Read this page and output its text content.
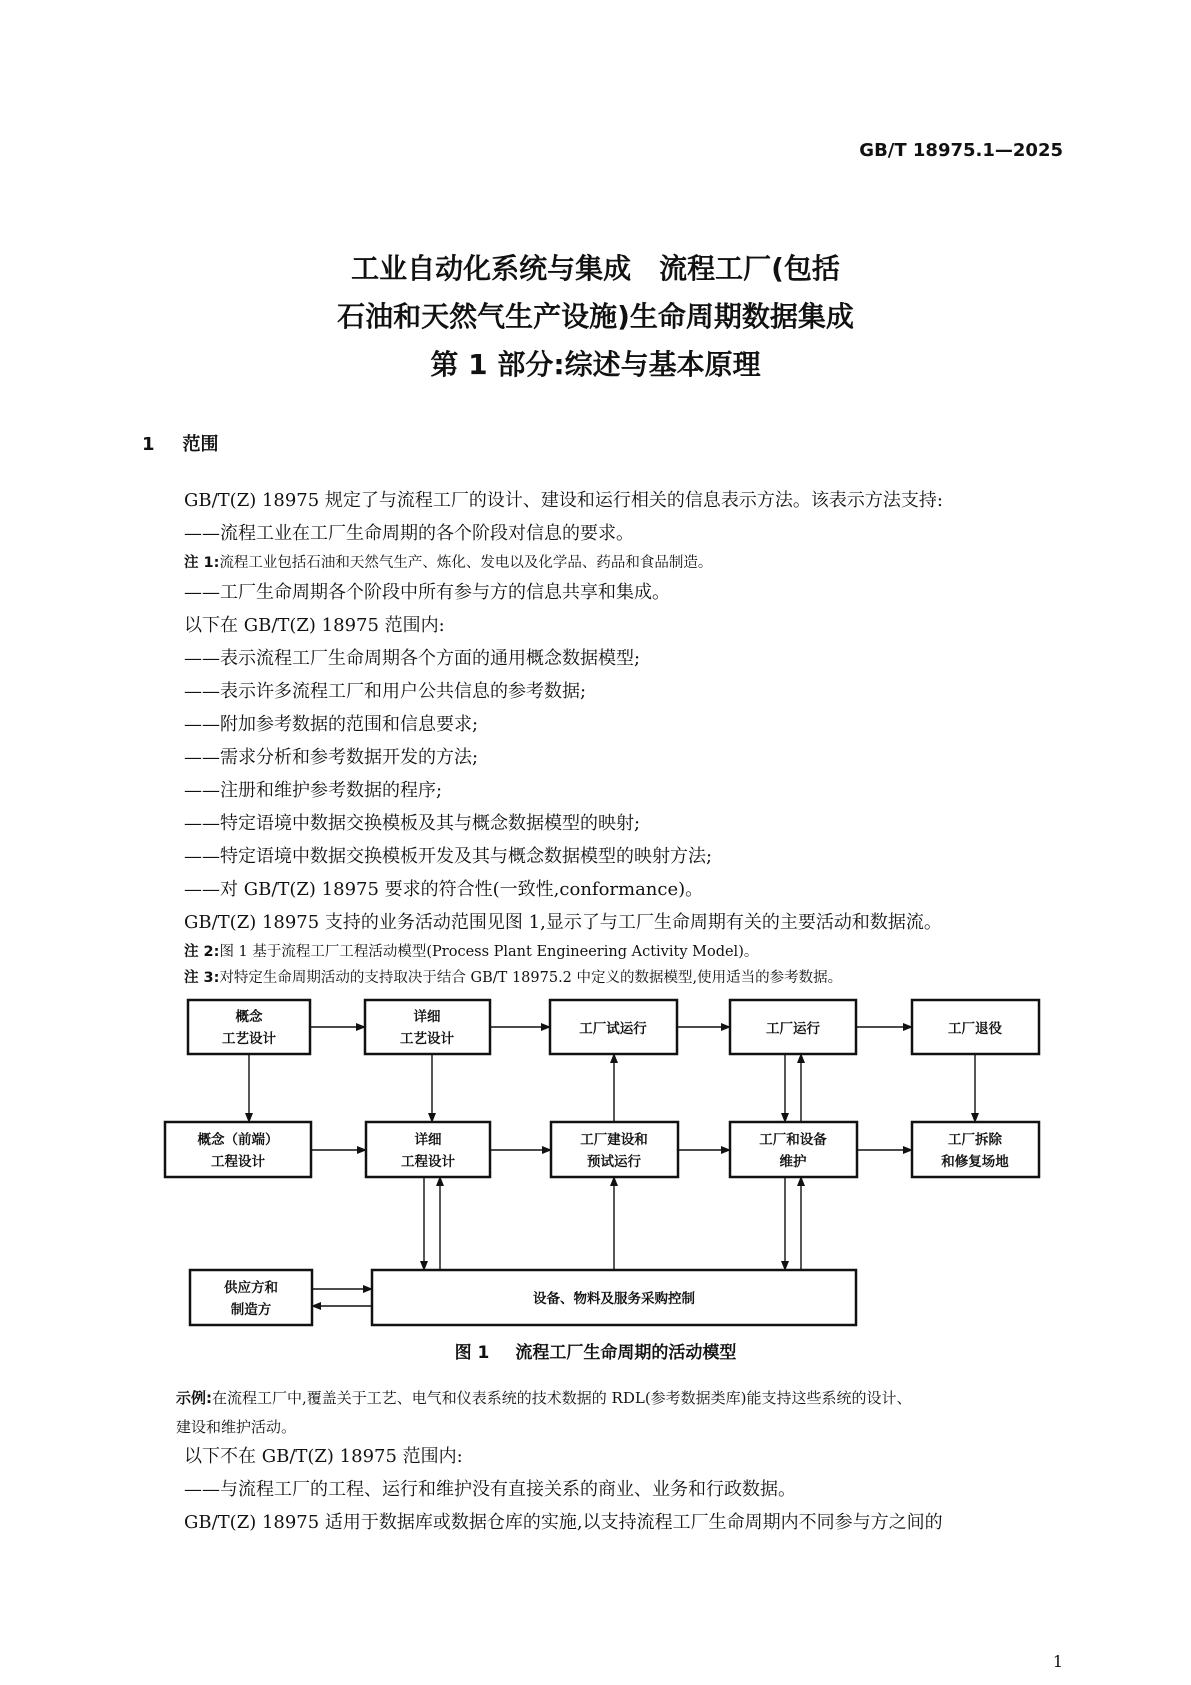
GB/T 18975.1—2025
工业自动化系统与集成　流程工厂(包括
石油和天然气生产设施)生命周期数据集成
第 1 部分:综述与基本原理
1 范围

GB/T(Z) 18975 规定了与流程工厂的设计、建设和运行相关的信息表示方法。该表示方法支持:

——流程工业在工厂生命周期的各个阶段对信息的要求。

注 1:流程工业包括石油和天然气生产、炼化、发电以及化学品、药品和食品制造。

——工厂生命周期各个阶段中所有参与方的信息共享和集成。

以下在 GB/T(Z) 18975 范围内:

——表示流程工厂生命周期各个方面的通用概念数据模型;

——表示许多流程工厂和用户公共信息的参考数据;

——附加参考数据的范围和信息要求;

——需求分析和参考数据开发的方法;

——注册和维护参考数据的程序;

——特定语境中数据交换模板及其与概念数据模型的映射;

——特定语境中数据交换模板开发及其与概念数据模型的映射方法;

——对 GB/T(Z) 18975 要求的符合性(一致性,conformance)。

GB/T(Z) 18975 支持的业务活动范围见图 1,显示了与工厂生命周期有关的主要活动和数据流。

注 2:图 1 基于流程工厂工程活动模型(Process Plant Engineering Activity Model)。
注 3:对特定生命周期活动的支持取决于结合 GB/T 18975.2 中定义的数据模型,使用适当的参考数据。
概念
工艺设计
详细
工艺设计
工厂试运行	工厂运行	工厂退役
概念（前端）
工程设计
详细
工程设计
工厂建设和
预试运行
工厂和设备
维护
工厂拆除
和修复场地
供应方和
制造方
设备、物料及服务采购控制
图 1 流程工厂生命周期的活动模型
示例:在流程工厂中,覆盖关于工艺、电气和仪表系统的技术数据的 RDL(参考数据类库)能支持这些系统的设计、
建设和维护活动。

以下不在 GB/T(Z) 18975 范围内:

——与流程工厂的工程、运行和维护没有直接关系的商业、业务和行政数据。

GB/T(Z) 18975 适用于数据库或数据仓库的实施,以支持流程工厂生命周期内不同参与方之间的

1
